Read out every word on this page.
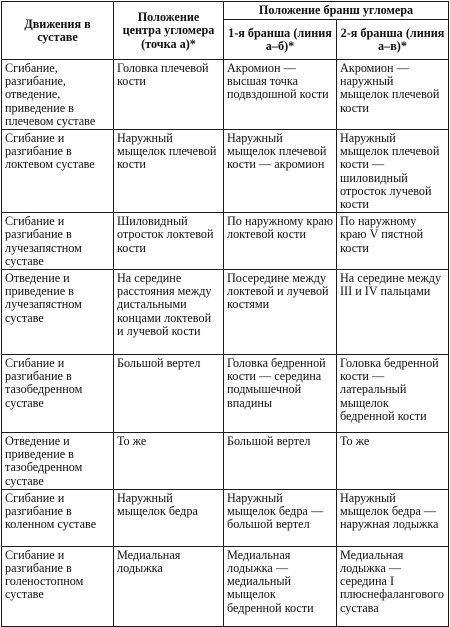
Движения в суставе	Положение центра угломера (точка а)*	Положение бранш угломера	
		1-я бранша (линия а–б)*	2-я бранша (линия а–в)*
Сгибание, разгибание, отведение, приведение в плечевом суставе	Головка плечевой кости	Акромион — высшая точка подвздошной кости	Акромион — наружный мыщелок плечевой кости
Сгибание и разгибание в локтевом суставе	Наружный мыщелок плечевой кости	Наружный мыщелок плечевой кости — акромион	Наружный мыщелок плечевой кости — шиловидный отросток лучевой кости
Сгибание и разгибание в лучезапястном суставе	Шиловидный отросток локтевой кости	По наружному краю локтевой кости	По наружному краю V пястной кости
Отведение и приведение в лучезапястном суставе	На середине расстояния между дистальными концами локтевой и лучевой кости	Посередине между локтевой и лучевой костями	На середине между III и IV пальцами
Сгибание и разгибание в тазобедренном суставе	Большой вертел	Головка бедренной кости — середина подмышечной впадины	Головка бедренной кости — латеральный мыщелок бедренной кости
Отведение и приведение в тазобедренном суставе	То же	Большой вертел	То же
Сгибание и разгибание в коленном суставе	Наружный мыщелок бедра	Наружный мыщелок бедра — большой вертел	Наружный мыщелок бедра — наружная лодыжка
Сгибание и разгибание в голеностопном суставе	Медиальная лодыжка	Медиальная лодыжка — медиальный мыщелок бедренной кости	Медиальная лодыжка — середина I плюснефалангового сустава
